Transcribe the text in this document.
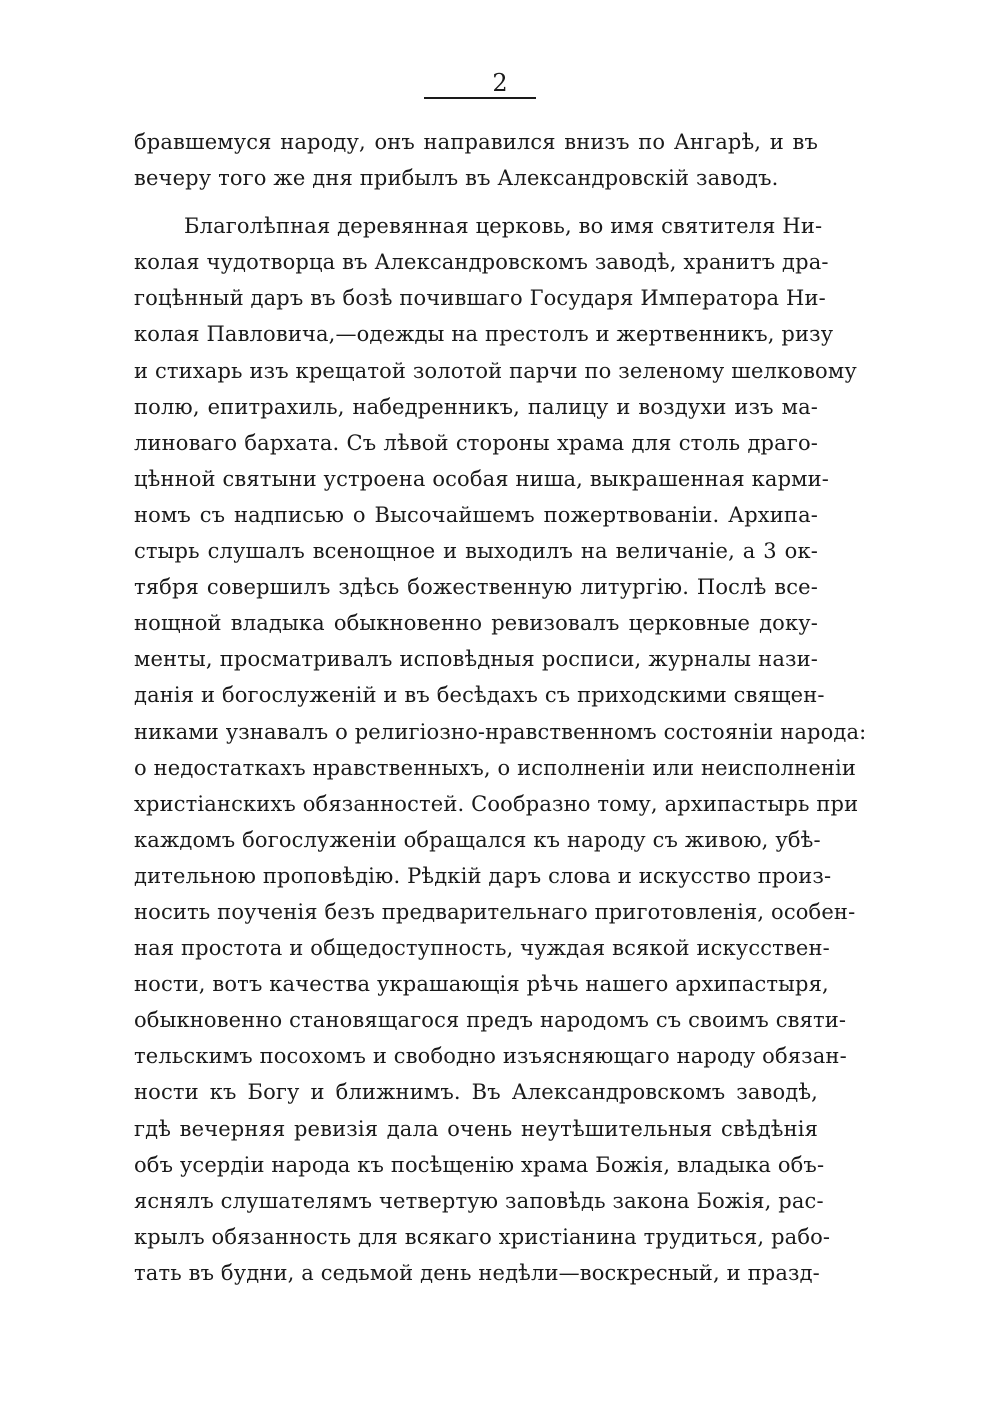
2
бравшемуся народу, онъ направился внизъ по Ангарѣ, и въ
вечеру того же дня прибылъ въ Александровскій заводъ.
Благолѣпная деревянная церковь, во имя святителя Ни-
колая чудотворца въ Александровскомъ заводѣ, хранитъ дра-
гоцѣнный даръ въ бозѣ почившаго Государя Императора Ни-
колая Павловича,—одежды на престолъ и жертвенникъ, ризу
и стихарь изъ крещатой золотой парчи по зеленому шелковому
полю, епитрахиль, набедренникъ, палицу и воздухи изъ ма-
линоваго бархата. Съ лѣвой стороны храма для столь драго-
цѣнной святыни устроена особая ниша, выкрашенная карми-
номъ съ надписью о Высочайшемъ пожертвованіи. Архипа-
стырь слушалъ всенощное и выходилъ на величаніе, а 3 ок-
тября совершилъ здѣсь божественную литургію. Послѣ все-
нощной владыка обыкновенно ревизовалъ церковные доку-
менты, просматривалъ исповѣдныя росписи, журналы нази-
данія и богослуженій и въ бесѣдахъ съ приходскими священ-
никами узнавалъ о религіозно-нравственномъ состояніи народа:
о недостаткахъ нравственныхъ, о исполненіи или неисполненіи
христіанскихъ обязанностей. Сообразно тому, архипастырь при
каждомъ богослуженіи обращался къ народу съ живою, убѣ-
дительною проповѣдію. Рѣдкій даръ слова и искусство произ-
носить поученія безъ предварительнаго приготовленія, особен-
ная простота и общедоступность, чуждая всякой искусствен-
ности, вотъ качества украшающія рѣчь нашего архипастыря,
обыкновенно становящагося предъ народомъ съ своимъ святи-
тельскимъ посохомъ и свободно изъясняющаго народу обязан-
ности къ Богу и ближнимъ. Въ Александровскомъ заводѣ,
гдѣ вечерняя ревизія дала очень неутѣшительныя свѣдѣнія
объ усердіи народа къ посѣщенію храма Божія, владыка объ-
яснялъ слушателямъ четвертую заповѣдь закона Божія, рас-
крылъ обязанность для всякаго христіанина трудиться, рабо-
тать въ будни, а седьмой день недѣли—воскресный, и празд-
